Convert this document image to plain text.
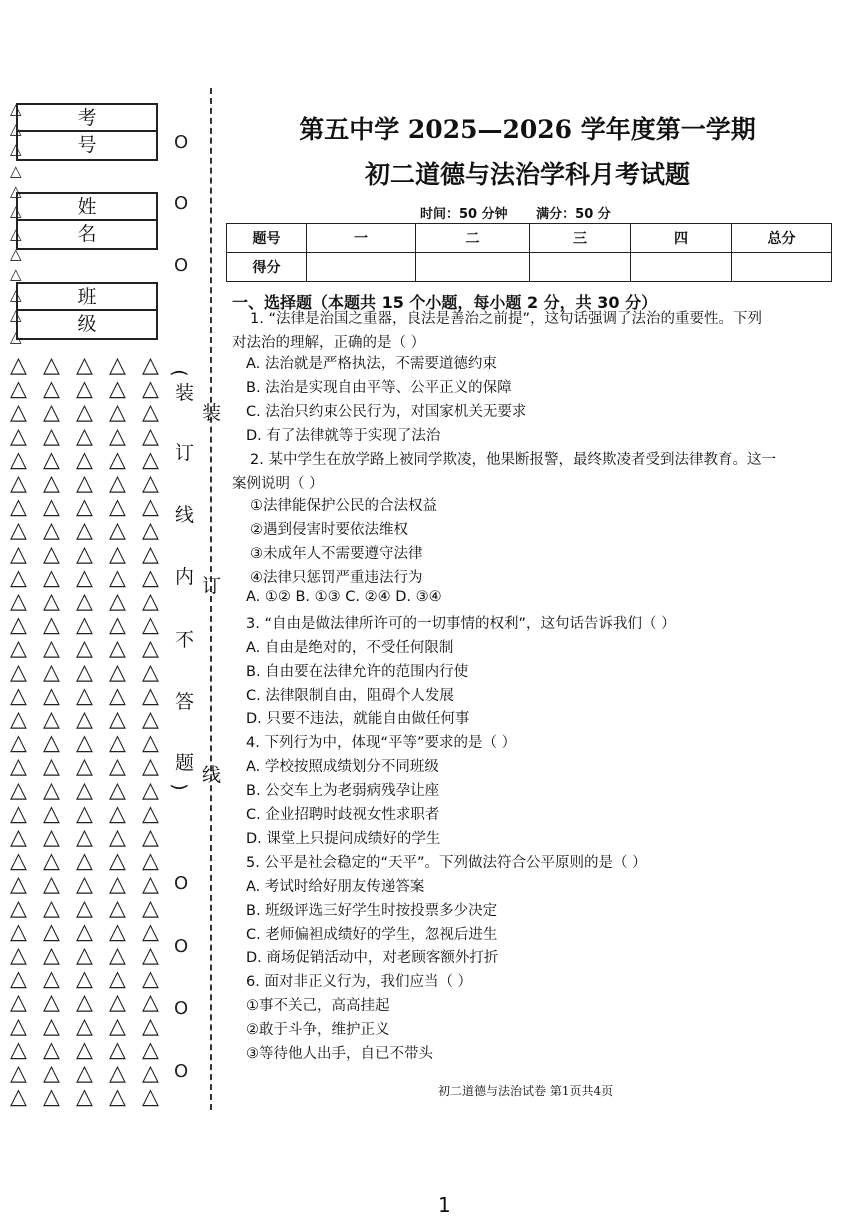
考 号
姓 名
班 级
O
O
O
O
O
O
O
△
△
△
△
△
△
△
△
△
△
△
△
△ △ △ △ △
△ △ △ △ △
△ △ △ △ △
△ △ △ △ △
△ △ △ △ △
△ △ △ △ △
△ △ △ △ △
△ △ △ △ △
△ △ △ △ △
△ △ △ △ △
△ △ △ △ △
△ △ △ △ △
△ △ △ △ △
△ △ △ △ △
△ △ △ △ △
△ △ △ △ △
△ △ △ △ △
△ △ △ △ △
△ △ △ △ △
△ △ △ △ △
△ △ △ △ △
△ △ △ △ △
△ △ △ △ △
△ △ △ △ △
△ △ △ △ △
△ △ △ △ △
△ △ △ △ △
△ △ △ △ △
△ △ △ △ △
△ △ △ △ △
△ △ △ △ △
△ △ △ △ △
(
装
订
线
内
不
答
题
)
装
订
线
第五中学 2025—2026 学年度第一学期
初二道德与法治学科月考试题
时间：50 分钟 满分：50 分
题号	一	二	三	四	总分
得分					
一、选择题（本题共 15 个小题，每小题 2 分，共 30 分）
1. “法律是治国之重器，良法是善治之前提”，这句话强调了法治的重要性。下列
对法治的理解，正确的是（ ）
A. 法治就是严格执法，不需要道德约束
B. 法治是实现自由平等、公平正义的保障
C. 法治只约束公民行为，对国家机关无要求
D. 有了法律就等于实现了法治
2. 某中学生在放学路上被同学欺凌，他果断报警，最终欺凌者受到法律教育。这一
案例说明（ ）
①法律能保护公民的合法权益
②遇到侵害时要依法维权
③未成年人不需要遵守法律
④法律只惩罚严重违法行为
A. ①② B. ①③ C. ②④ D. ③④
3. “自由是做法律所许可的一切事情的权利”，这句话告诉我们（ ）
A. 自由是绝对的，不受任何限制
B. 自由要在法律允许的范围内行使
C. 法律限制自由，阻碍个人发展
D. 只要不违法，就能自由做任何事
4. 下列行为中，体现“平等”要求的是（ ）
A. 学校按照成绩划分不同班级
B. 公交车上为老弱病残孕让座
C. 企业招聘时歧视女性求职者
D. 课堂上只提问成绩好的学生
5. 公平是社会稳定的“天平”。下列做法符合公平原则的是（ ）
A. 考试时给好朋友传递答案
B. 班级评选三好学生时按投票多少决定
C. 老师偏袒成绩好的学生，忽视后进生
D. 商场促销活动中，对老顾客额外打折
6. 面对非正义行为，我们应当（ ）
①事不关己，高高挂起
②敢于斗争，维护正义
③等待他人出手，自已不带头
初二道德与法治试卷 第1页共4页
1
